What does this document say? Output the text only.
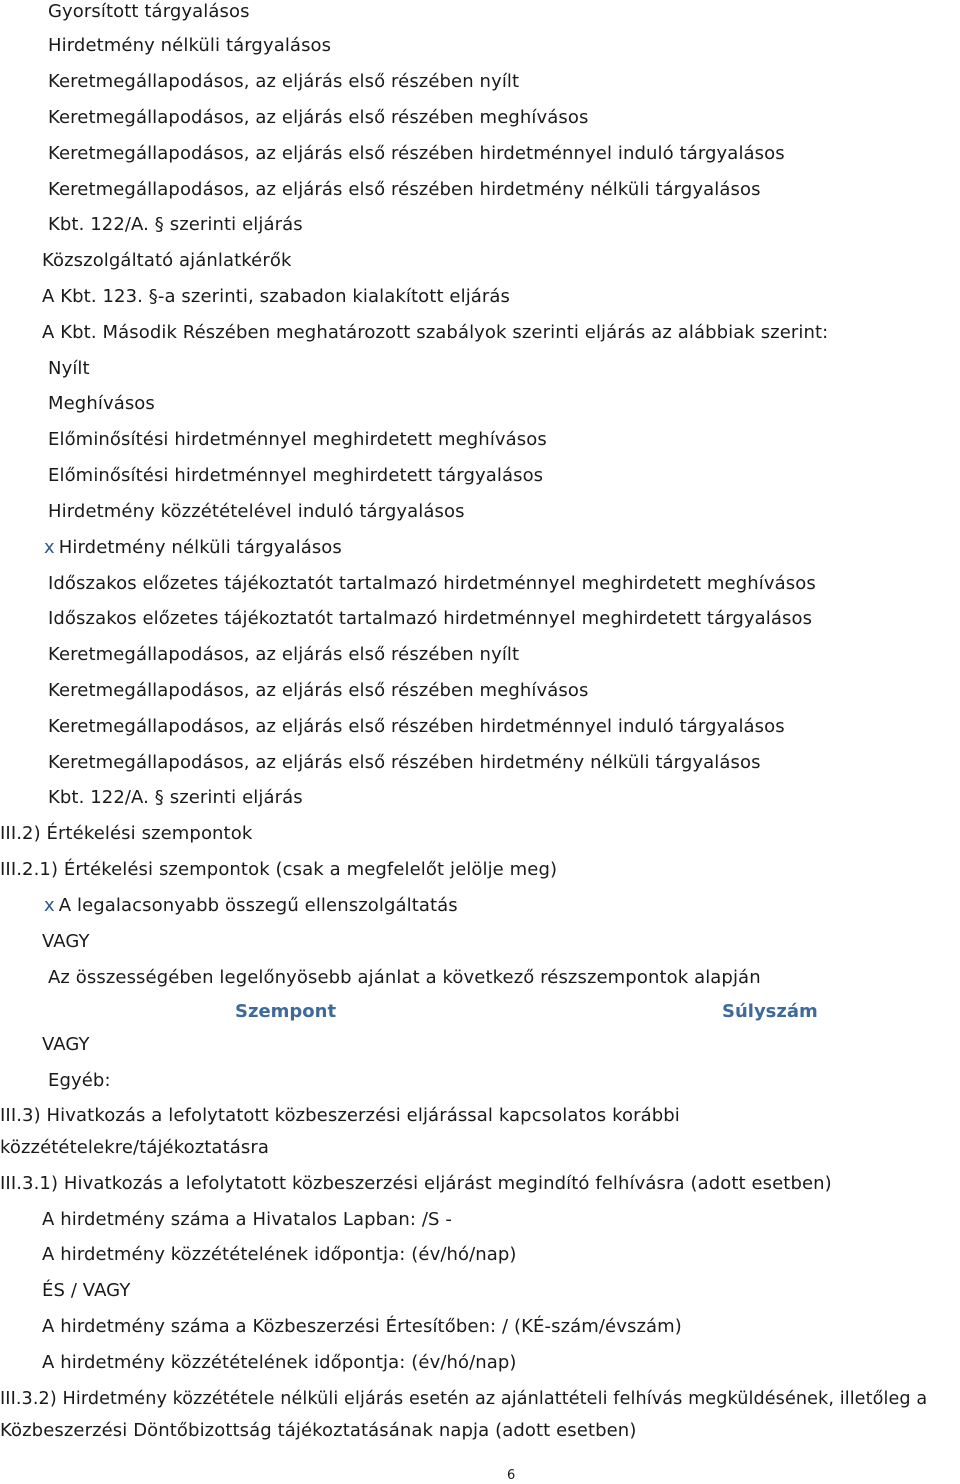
Gyorsított tárgyalásos
Hirdetmény nélküli tárgyalásos
Keretmegállapodásos, az eljárás első részében nyílt
Keretmegállapodásos, az eljárás első részében meghívásos
Keretmegállapodásos, az eljárás első részében hirdetménnyel induló tárgyalásos
Keretmegállapodásos, az eljárás első részében hirdetmény nélküli tárgyalásos
Kbt. 122/A. § szerinti eljárás
Közszolgáltató ajánlatkérők
A Kbt. 123. §-a szerinti, szabadon kialakított eljárás
A Kbt. Második Részében meghatározott szabályok szerinti eljárás az alábbiak szerint:
Nyílt
Meghívásos
Előminősítési hirdetménnyel meghirdetett meghívásos
Előminősítési hirdetménnyel meghirdetett tárgyalásos
Hirdetmény közzétételével induló tárgyalásos
x Hirdetmény nélküli tárgyalásos
Időszakos előzetes tájékoztatót tartalmazó hirdetménnyel meghirdetett meghívásos
Időszakos előzetes tájékoztatót tartalmazó hirdetménnyel meghirdetett tárgyalásos
Keretmegállapodásos, az eljárás első részében nyílt
Keretmegállapodásos, az eljárás első részében meghívásos
Keretmegállapodásos, az eljárás első részében hirdetménnyel induló tárgyalásos
Keretmegállapodásos, az eljárás első részében hirdetmény nélküli tárgyalásos
Kbt. 122/A. § szerinti eljárás
III.2) Értékelési szempontok
III.2.1) Értékelési szempontok (csak a megfelelőt jelölje meg)
x A legalacsonyabb összegű ellenszolgáltatás
VAGY
Az összességében legelőnyösebb ajánlat a következő részszempontok alapján
Szempont	Súlyszám
VAGY
Egyéb:
III.3) Hivatkozás a lefolytatott közbeszerzési eljárással kapcsolatos korábbi
közzétételekre/tájékoztatásra
III.3.1) Hivatkozás a lefolytatott közbeszerzési eljárást megindító felhívásra (adott esetben)
A hirdetmény száma a Hivatalos Lapban: /S -
A hirdetmény közzétételének időpontja: (év/hó/nap)
ÉS / VAGY
A hirdetmény száma a Közbeszerzési Értesítőben: / (KÉ-szám/évszám)
A hirdetmény közzétételének időpontja: (év/hó/nap)
III.3.2) Hirdetmény közzététele nélküli eljárás esetén az ajánlattételi felhívás megküldésének, illetőleg a
Közbeszerzési Döntőbizottság tájékoztatásának napja (adott esetben)
6
